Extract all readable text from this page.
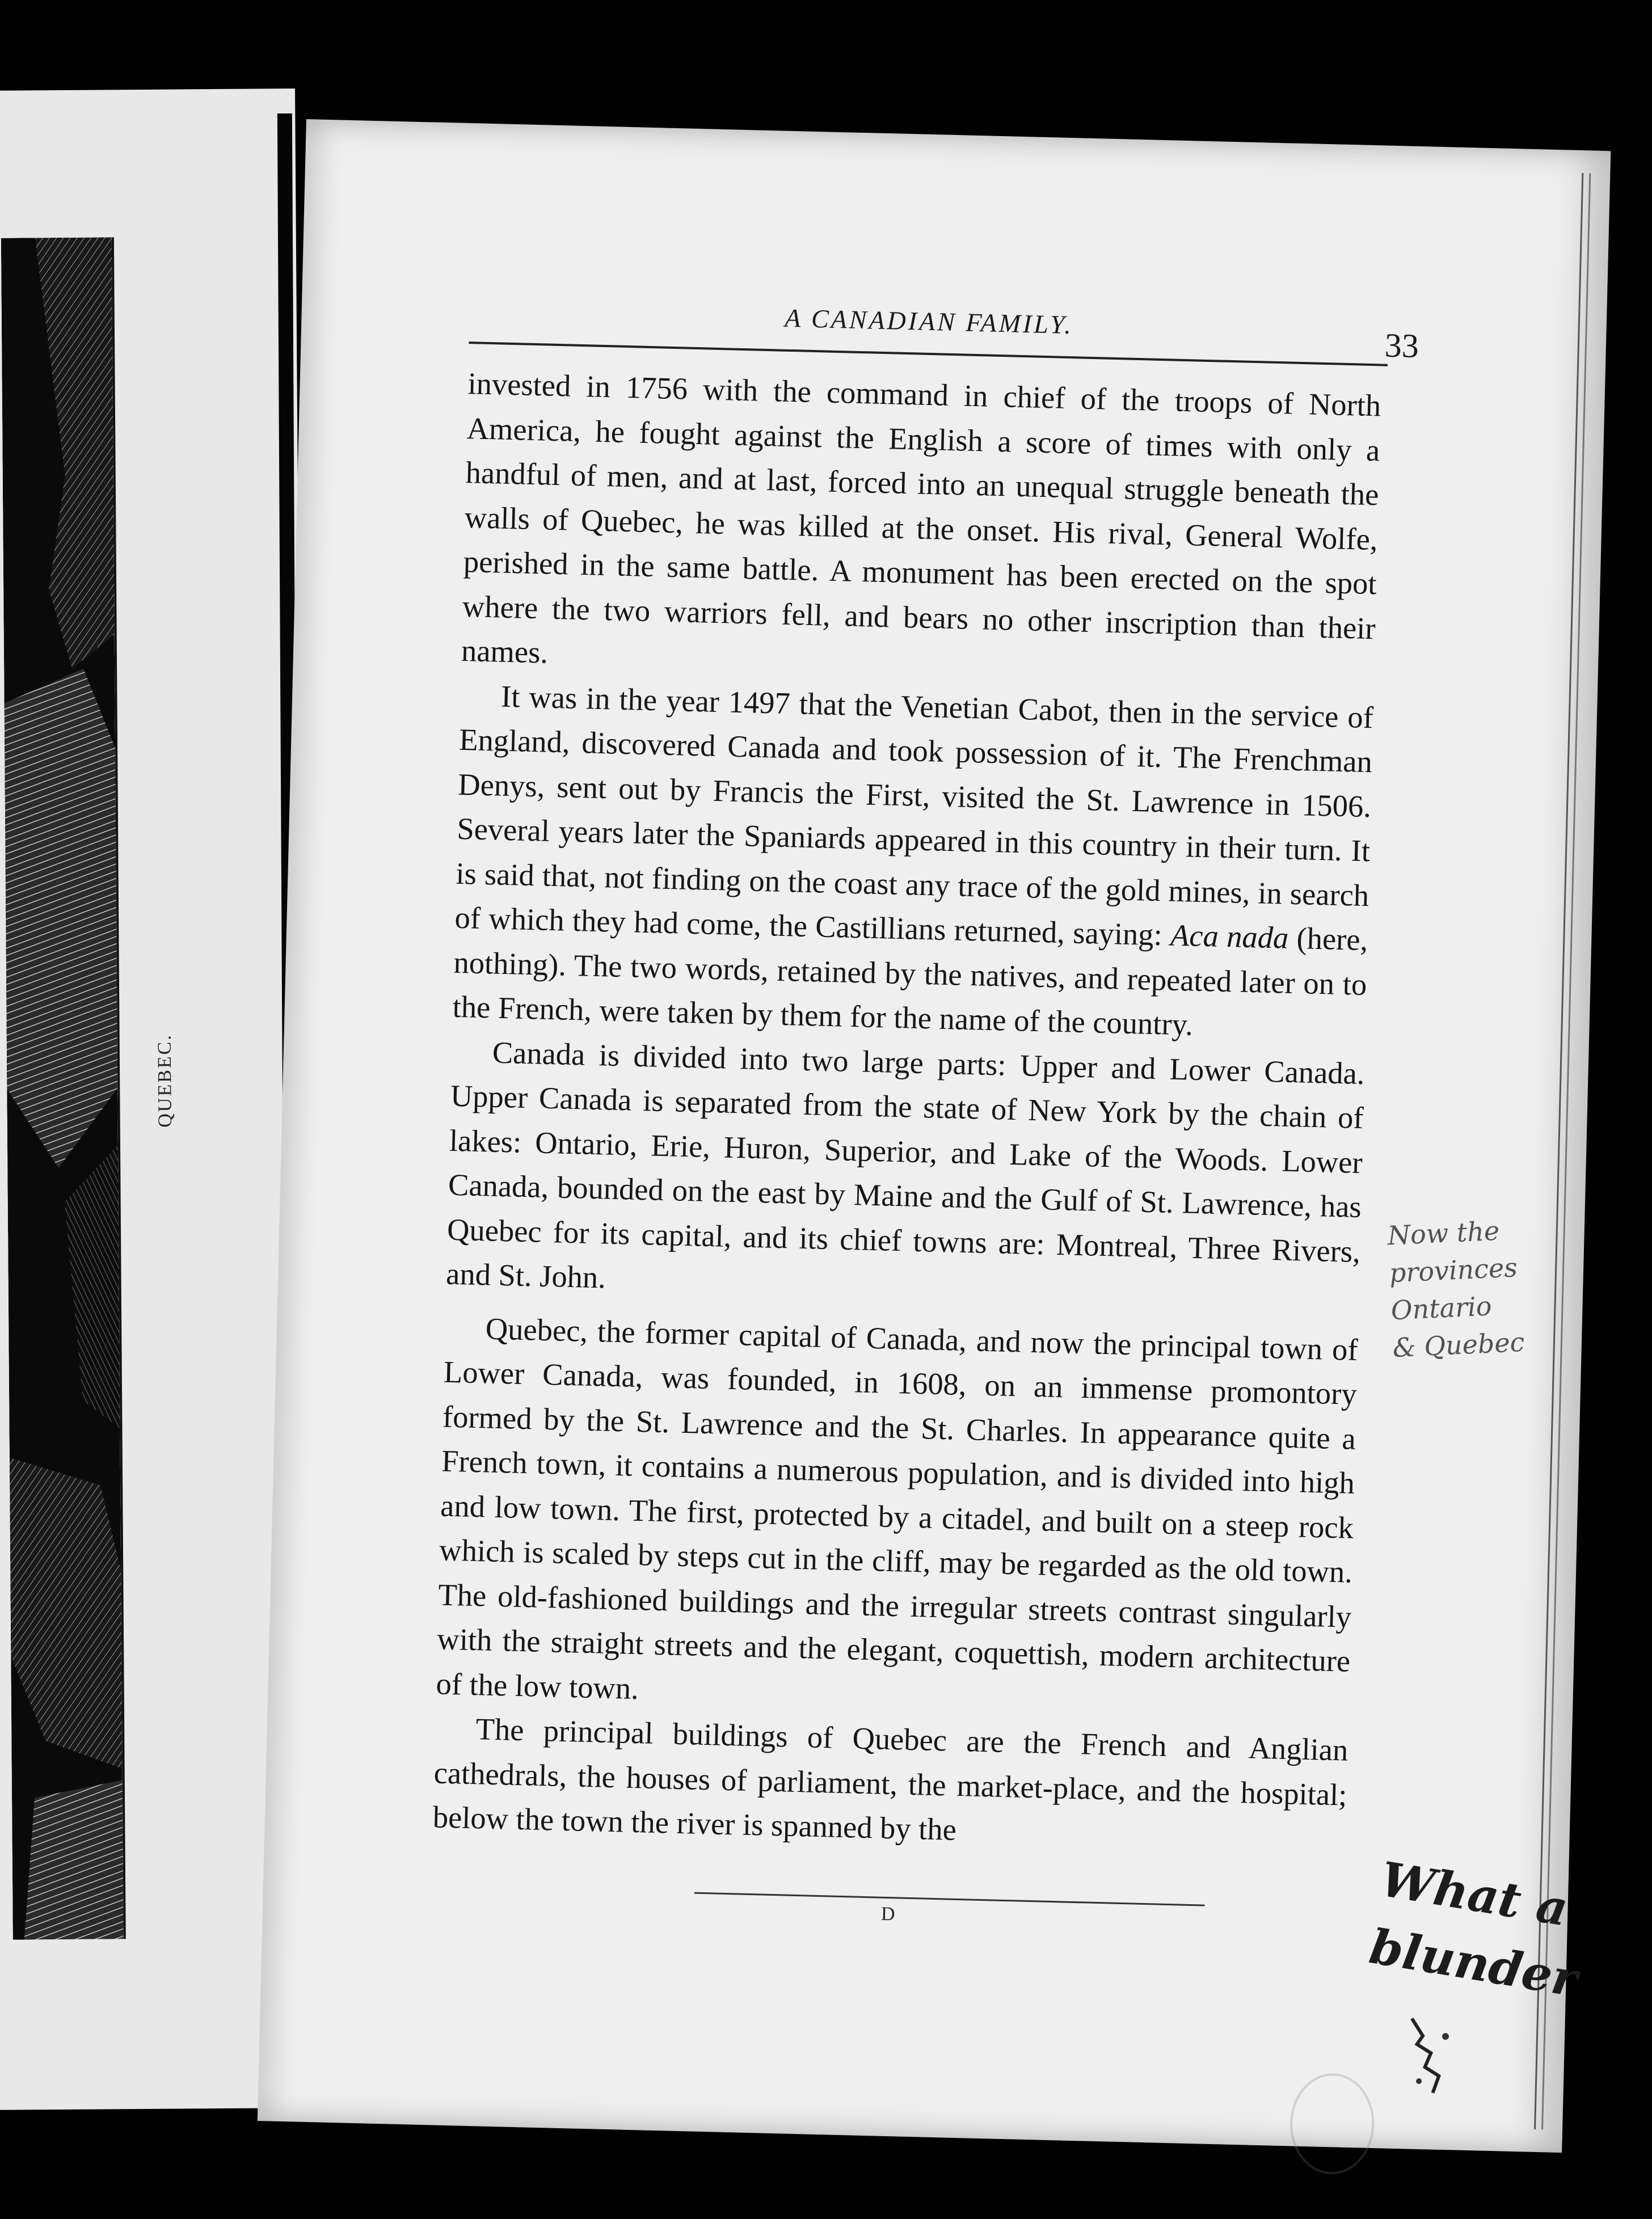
QUEBEC.
A CANADIAN FAMILY.
33

invested in 1756 with the command in chief of the troops of North America, he fought against the English a score of times with only a handful of men, and at last, forced into an unequal struggle beneath the walls of Quebec, he was killed at the onset. His rival, General Wolfe, perished in the same battle. A monument has been erected on the spot where the two warriors fell, and bears no other inscription than their names.

It was in the year 1497 that the Venetian Cabot, then in the service of England, discovered Canada and took possession of it. The Frenchman Denys, sent out by Francis the First, visited the St. Lawrence in 1506. Several years later the Spaniards appeared in this country in their turn. It is said that, not finding on the coast any trace of the gold mines, in search of which they had come, the Castillians returned, saying: Aca nada (here, nothing). The two words, retained by the natives, and repeated later on to the French, were taken by them for the name of the country.

Canada is divided into two large parts: Upper and Lower Canada. Upper Canada is separated from the state of New York by the chain of lakes: Ontario, Erie, Huron, Superior, and Lake of the Woods. Lower Canada, bounded on the east by Maine and the Gulf of St. Lawrence, has Quebec for its capital, and its chief towns are: Montreal, Three Rivers, and St. John.

Quebec, the former capital of Canada, and now the principal town of Lower Canada, was founded, in 1608, on an immense promontory formed by the St. Lawrence and the St. Charles. In appearance quite a French town, it contains a numerous population, and is divided into high and low town. The first, protected by a citadel, and built on a steep rock which is scaled by steps cut in the cliff, may be regarded as the old town. The old-fashioned buildings and the irregular streets contrast singularly with the straight streets and the elegant, coquettish, modern architecture of the low town.

The principal buildings of Quebec are the French and Anglian cathedrals, the houses of parliament, the market-place, and the hospital; below the town the river is spanned by the

D
Now the
provinces
Ontario
& Quebec
What a
blunder
